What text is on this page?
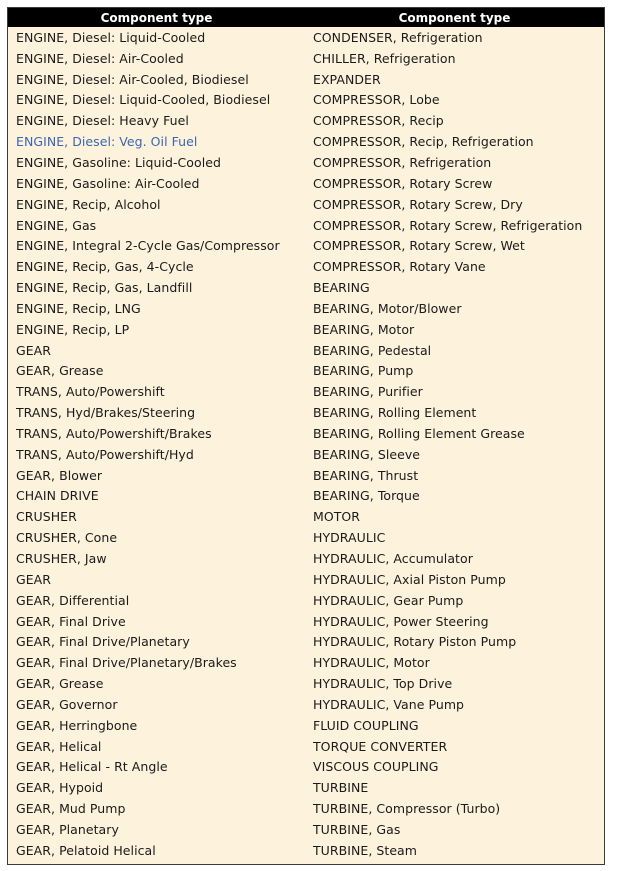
Component type	Component type
ENGINE, Diesel: Liquid-Cooled	CONDENSER, Refrigeration
ENGINE, Diesel: Air-Cooled	CHILLER, Refrigeration
ENGINE, Diesel: Air-Cooled, Biodiesel	EXPANDER
ENGINE, Diesel: Liquid-Cooled, Biodiesel	COMPRESSOR, Lobe
ENGINE, Diesel: Heavy Fuel	COMPRESSOR, Recip
ENGINE, Diesel: Veg. Oil Fuel	COMPRESSOR, Recip, Refrigeration
ENGINE, Gasoline: Liquid-Cooled	COMPRESSOR, Refrigeration
ENGINE, Gasoline: Air-Cooled	COMPRESSOR, Rotary Screw
ENGINE, Recip, Alcohol	COMPRESSOR, Rotary Screw, Dry
ENGINE, Gas	COMPRESSOR, Rotary Screw, Refrigeration
ENGINE, Integral 2-Cycle Gas/Compressor	COMPRESSOR, Rotary Screw, Wet
ENGINE, Recip, Gas, 4-Cycle	COMPRESSOR, Rotary Vane
ENGINE, Recip, Gas, Landfill	BEARING
ENGINE, Recip, LNG	BEARING, Motor/Blower
ENGINE, Recip, LP	BEARING, Motor
GEAR	BEARING, Pedestal
GEAR, Grease	BEARING, Pump
TRANS, Auto/Powershift	BEARING, Purifier
TRANS, Hyd/Brakes/Steering	BEARING, Rolling Element
TRANS, Auto/Powershift/Brakes	BEARING, Rolling Element Grease
TRANS, Auto/Powershift/Hyd	BEARING, Sleeve
GEAR, Blower	BEARING, Thrust
CHAIN DRIVE	BEARING, Torque
CRUSHER	MOTOR
CRUSHER, Cone	HYDRAULIC
CRUSHER, Jaw	HYDRAULIC, Accumulator
GEAR	HYDRAULIC, Axial Piston Pump
GEAR, Differential	HYDRAULIC, Gear Pump
GEAR, Final Drive	HYDRAULIC, Power Steering
GEAR, Final Drive/Planetary	HYDRAULIC, Rotary Piston Pump
GEAR, Final Drive/Planetary/Brakes	HYDRAULIC, Motor
GEAR, Grease	HYDRAULIC, Top Drive
GEAR, Governor	HYDRAULIC, Vane Pump
GEAR, Herringbone	FLUID COUPLING
GEAR, Helical	TORQUE CONVERTER
GEAR, Helical - Rt Angle	VISCOUS COUPLING
GEAR, Hypoid	TURBINE
GEAR, Mud Pump	TURBINE, Compressor (Turbo)
GEAR, Planetary	TURBINE, Gas
GEAR, Pelatoid Helical	TURBINE, Steam
